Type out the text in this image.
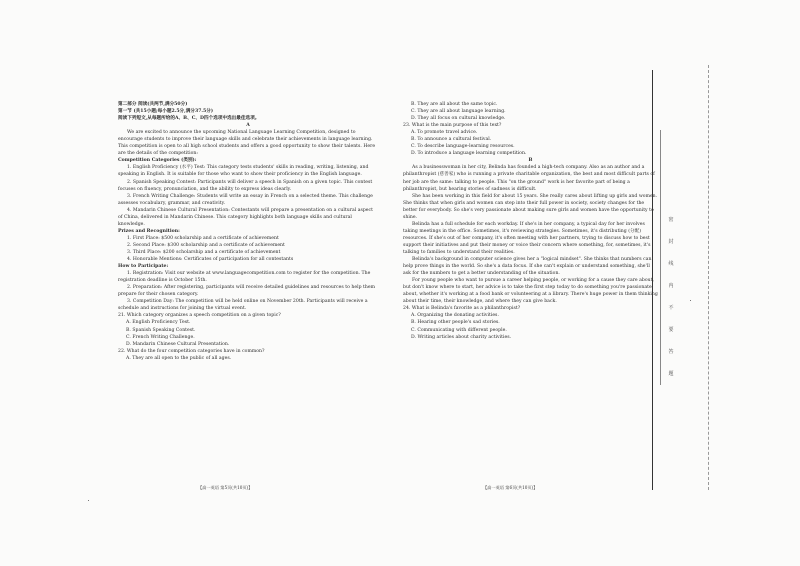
第二部分 阅读(共两节,满分50分)

第一节 (共15小题;每小题2.5分,满分37.5分)

阅读下列短文,从每题所给的A、B、C、D四个选项中选出最佳选项。

A

We are excited to announce the upcoming National Language Learning Competition, designed to encourage students to improve their language skills and celebrate their achievements in language learning. This competition is open to all high school students and offers a good opportunity to show their talents. Here are the details of the competition:

Competition Categories (类别):

1. English Proficiency (水平) Test: This category tests students' skills in reading, writing, listening, and speaking in English. It is suitable for those who want to show their proficiency in the English language.

2. Spanish Speaking Contest: Participants will deliver a speech in Spanish on a given topic. This contest focuses on fluency, pronunciation, and the ability to express ideas clearly.

3. French Writing Challenge: Students will write an essay in French on a selected theme. This challenge assesses vocabulary, grammar, and creativity.

4. Mandarin Chinese Cultural Presentation: Contestants will prepare a presentation on a cultural aspect of China, delivered in Mandarin Chinese. This category highlights both language skills and cultural knowledge.

Prizes and Recognition:

1. First Place: $500 scholarship and a certificate of achievement

2. Second Place: $300 scholarship and a certificate of achievement

3. Third Place: $200 scholarship and a certificate of achievement

4. Honorable Mentions: Certificates of participation for all contestants

How to Participate:

1. Registration: Visit our website at www.languagecompetition.com to register for the competition. The registration deadline is October 15th.

2. Preparation: After registering, participants will receive detailed guidelines and resources to help them prepare for their chosen category.

3. Competition Day: The competition will be held online on November 20th. Participants will receive a schedule and instructions for joining the virtual event.

21. Which category organizes a speech competition on a given topic?

A. English Proficiency Test.

B. Spanish Speaking Contest.

C. French Writing Challenge.

D. Mandarin Chinese Cultural Presentation.

22. What do the four competition categories have in common?

A. They are all open to the public of all ages.

B. They are all about the same topic.

C. They are all about language learning.

D. They all focus on cultural knowledge.

23. What is the main purpose of this text?

A. To promote travel advice.

B. To announce a cultural festival.

C. To describe language-learning resources.

D. To introduce a language learning competition.

B

As a businesswoman in her city, Belinda has founded a high-tech company. Also as an author and a philanthropist (慈善家) who is running a private charitable organization, the best and most difficult parts of her job are the same: talking to people. This "on the ground" work is her favorite part of being a philanthropist, but hearing stories of sadness is difficult.

She has been working in this field for about 15 years. She really cares about lifting up girls and women. She thinks that when girls and women can step into their full power in society, society changes for the better for everybody. So she's very passionate about making sure girls and women have the opportunity to shine.

Belinda has a full schedule for each workday. If she's in her company, a typical day for her involves taking meetings in the office. Sometimes, it's reviewing strategies. Sometimes, it's distributing (分配) resources. If she's out of her company, it's often meeting with her partners, trying to discuss how to best support their initiatives and put their money or voice their concern where something, for, sometimes, it's talking to families to understand their realities.

Belinda's background in computer science gives her a "logical mindset". She thinks that numbers can help prove things in the world. So she's a data focus. If she can't explain or understand something, she'll ask for the numbers to get a better understanding of the situation.

For young people who want to pursue a career helping people, or working for a cause they care about, but don't know where to start, her advice is to take the first step today to do something you're passionate about, whether it's working at a food bank or volunteering at a library. There's huge power in them thinking about their time, their knowledge, and where they can give back.

24. What is Belinda's favorite as a philanthropist?

A. Organizing the donating activities.

B. Hearing other people's sad stories.

C. Communicating with different people.

D. Writing articles about charity activities.

【高一英语 第5页(共10页)】	【高一英语 第6页(共10页)】
密
封
线
内
不
要
答
题
